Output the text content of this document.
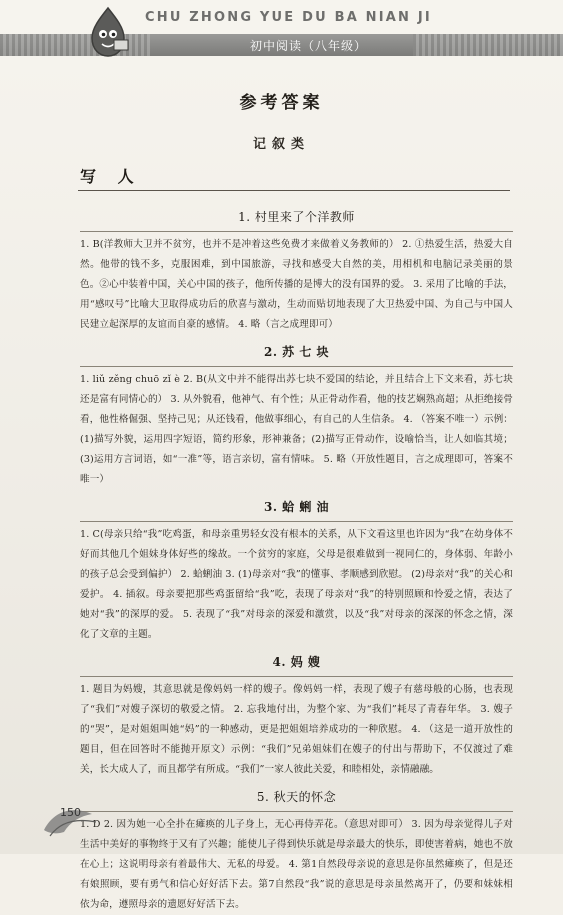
CHU ZHONG YUE DU BA NIAN JI
初中阅读（八年级）
参考答案
记叙类
写 人
1. 村里来了个洋教师
1. B(洋教师大卫并不贫穷，也并不是冲着这些免费才来做着义务教师的） 2. ①热爱生活，热爱大自然。他带的钱不多，克服困难，到中国旅游，寻找和感受大自然的美，用相机和电脑记录美丽的景色。②心中装着中国，关心中国的孩子，他所传播的是博大的没有国界的爱。 3. 采用了比喻的手法，用“感叹号”比喻大卫取得成功后的欣喜与激动，生动而贴切地表现了大卫热爱中国、为自己与中国人民建立起深厚的友谊而自豪的感情。 4. 略（言之成理即可）
2. 苏 七 块
1. liǔ zěng chuō zǐ è 2. B(从文中并不能得出苏七块不爱国的结论，并且结合上下文来看，苏七块还是富有同情心的） 3. 从外貌看，他神气、有个性；从正骨动作看，他的技艺娴熟高超；从拒绝接骨看，他性格倔强、坚持己见；从还钱看，他做事细心，有自己的人生信条。 4. （答案不唯一）示例：(1)描写外貌，运用四字短语，简约形象，形神兼备；(2)描写正骨动作，设喻恰当，让人如临其境；(3)运用方言词语，如“一准”等，语言亲切，富有情味。 5. 略（开放性题目，言之成理即可，答案不唯一）
3. 蛤 蜊 油
1. C(母亲只给“我”吃鸡蛋，和母亲重男轻女没有根本的关系，从下文看这里也许因为“我”在幼身体不好而其他几个姐妹身体好些的缘故。一个贫穷的家庭，父母是很难做到一视同仁的，身体弱、年龄小的孩子总会受到偏护） 2. 蛤蜊油 3. (1)母亲对“我”的懂事、孝顺感到欣慰。 (2)母亲对“我”的关心和爱护。 4. 插叙。母亲要把那些鸡蛋留给“我”吃，表现了母亲对“我”的特别照顾和怜爱之情，表达了她对“我”的深厚的爱。 5. 表现了“我”对母亲的深爱和激赏，以及“我”对母亲的深深的怀念之情，深化了文章的主题。
4. 妈 嫂
1. 题目为妈嫂，其意思就是像妈妈一样的嫂子。像妈妈一样，表现了嫂子有慈母般的心肠，也表现了“我们”对嫂子深切的敬爱之情。 2. 忘我地付出，为整个家、为“我们”耗尽了青春年华。 3. 嫂子的“哭”，是对姐姐叫她“妈”的一种感动，更是把姐姐培养成功的一种欣慰。 4. （这是一道开放性的题目，但在回答时不能抛开原文）示例：“我们”兄弟姐妹们在嫂子的付出与帮助下，不仅渡过了难关，长大成人了，而且都学有所成。“我们”一家人彼此关爱，和睦相处，亲情融融。
5. 秋天的怀念
1. D 2. 因为她一心全扑在瘫痪的儿子身上，无心再侍弄花。（意思对即可） 3. 因为母亲觉得儿子对生活中美好的事物终于又有了兴趣；能使儿子得到快乐就是母亲最大的快乐，即使害着病，她也不放在心上；这说明母亲有着最伟大、无私的母爱。 4. 第1自然段母亲说的意思是你虽然瘫痪了，但是还有娘照顾，要有勇气和信心好好活下去。第7自然段“我”说的意思是母亲虽然离开了，仍要和妹妹相依为命，遵照母亲的遗愿好好活下去。
150
